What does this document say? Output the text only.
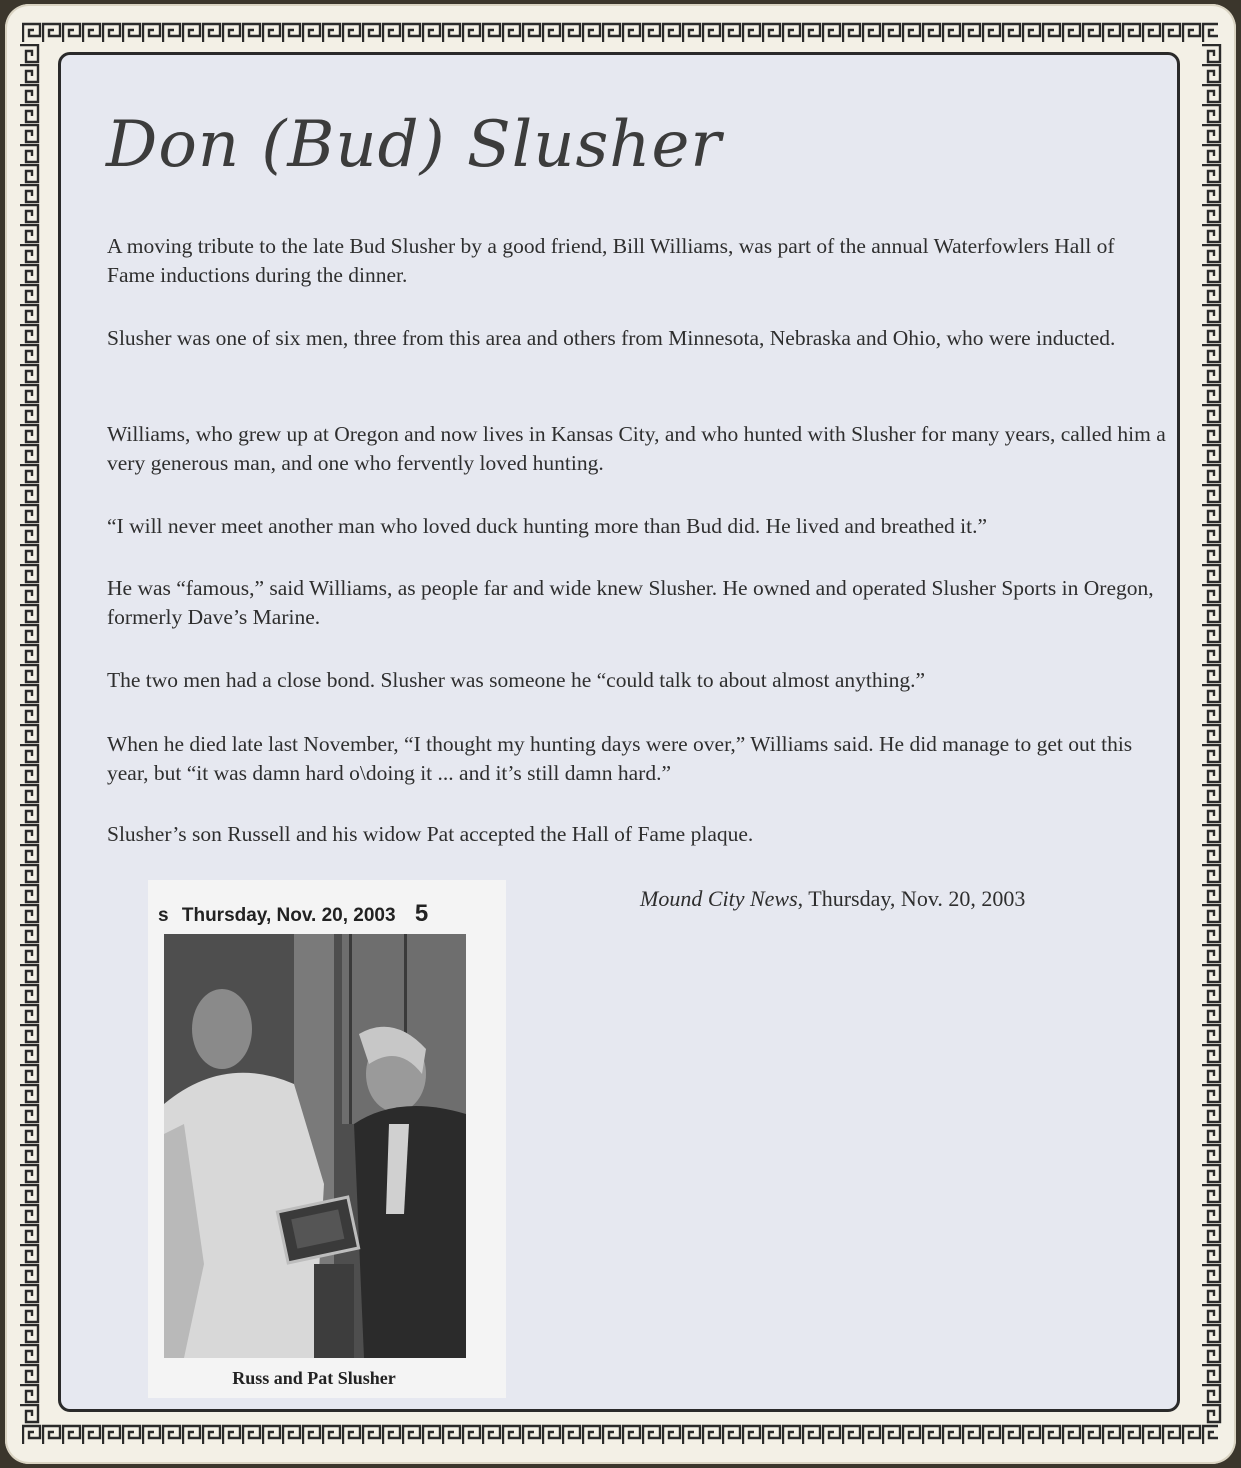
Don (Bud) Slusher

A moving tribute to the late Bud Slusher by a good friend, Bill Williams, was part of the annual Waterfowlers Hall of Fame inductions during the dinner.

Slusher was one of six men, three from this area and others from Minnesota, Nebraska and Ohio, who were inducted.

Williams, who grew up at Oregon and now lives in Kansas City, and who hunted with Slusher for many years, called him a very generous man, and one who fervently loved hunting.

“I will never meet another man who loved duck hunting more than Bud did. He lived and breathed it.”

He was “famous,” said Williams, as people far and wide knew Slusher. He owned and operated Slusher Sports in Oregon, formerly Dave’s Marine.

The two men had a close bond. Slusher was someone he “could talk to about almost anything.”

When he died late last November, “I thought my hunting days were over,” Williams said. He did manage to get out this year, but “it was damn hard o\doing it ... and it’s still damn hard.”

Slusher’s son Russell and his widow Pat accepted the Hall of Fame plaque.

Mound City News, Thursday, Nov. 20, 2003
s Thursday, Nov. 20, 2003 5
Russ and Pat Slusher
